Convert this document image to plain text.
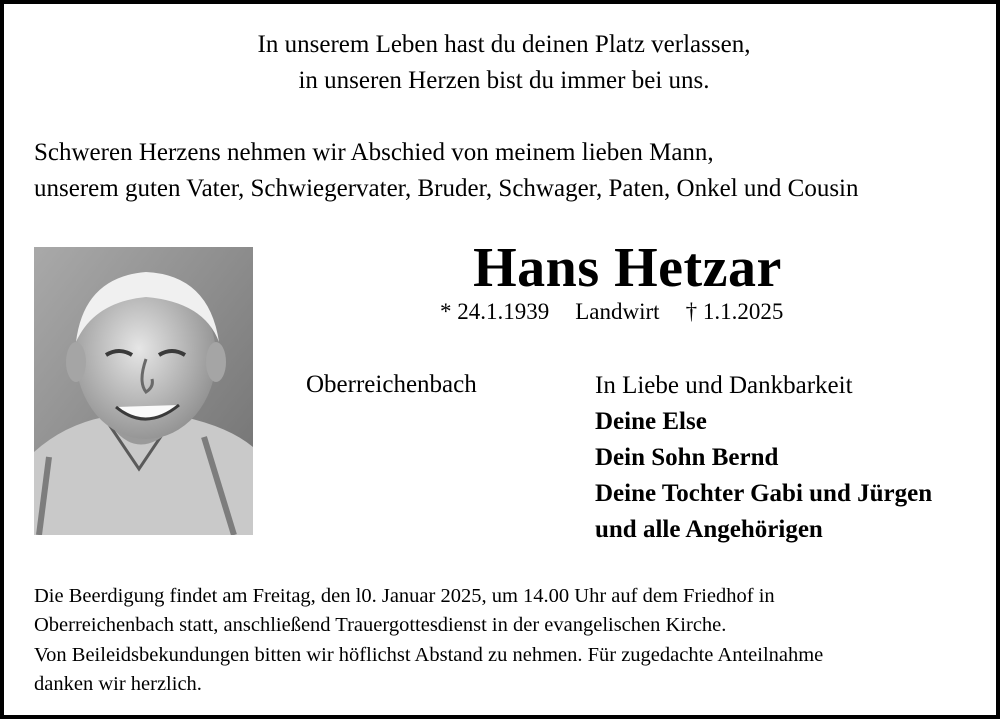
In unserem Leben hast du deinen Platz verlassen,
in unseren Herzen bist du immer bei uns.
Schweren Herzens nehmen wir Abschied von meinem lieben Mann,
unserem guten Vater, Schwiegervater, Bruder, Schwager, Paten, Onkel und Cousin
Hans Hetzar
* 24.1.1939 Landwirt † 1.1.2025
Oberreichenbach	In Liebe und Dankbarkeit
Deine Else
Dein Sohn Bernd
Deine Tochter Gabi und Jürgen
und alle Angehörigen
Die Beerdigung findet am Freitag, den l0. Januar 2025, um 14.00 Uhr auf dem Friedhof in
Oberreichenbach statt, anschließend Trauergottesdienst in der evangelischen Kirche.
Von Beileidsbekundungen bitten wir höflichst Abstand zu nehmen. Für zugedachte Anteilnahme
danken wir herzlich.
